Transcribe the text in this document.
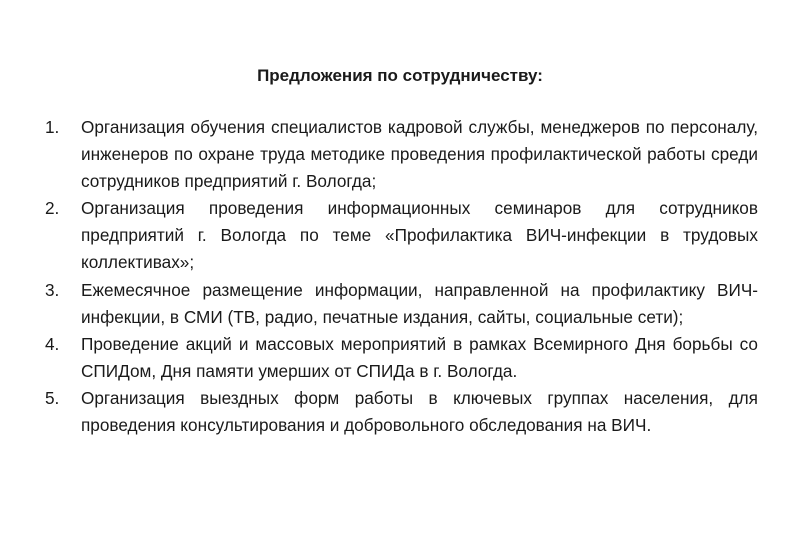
Предложения по сотрудничеству:
1.	Организация обучения специалистов кадровой службы, менеджеров по персоналу, инженеров по охране труда методике проведения профилактической работы среди сотрудников предприятий г. Вологда;
2.	Организация проведения информационных семинаров для сотрудников предприятий г. Вологда по теме «Профилактика ВИЧ-инфекции в трудовых коллективах»;
3.	Ежемесячное размещение информации, направленной на профилактику ВИЧ-инфекции, в СМИ (ТВ, радио, печатные издания, сайты, социальные сети);
4.	Проведение акций и массовых мероприятий в рамках Всемирного Дня борьбы со СПИДом, Дня памяти умерших от СПИДа в г. Вологда.
5.	Организация выездных форм работы в ключевых группах населения, для проведения консультирования и добровольного обследования на ВИЧ.
